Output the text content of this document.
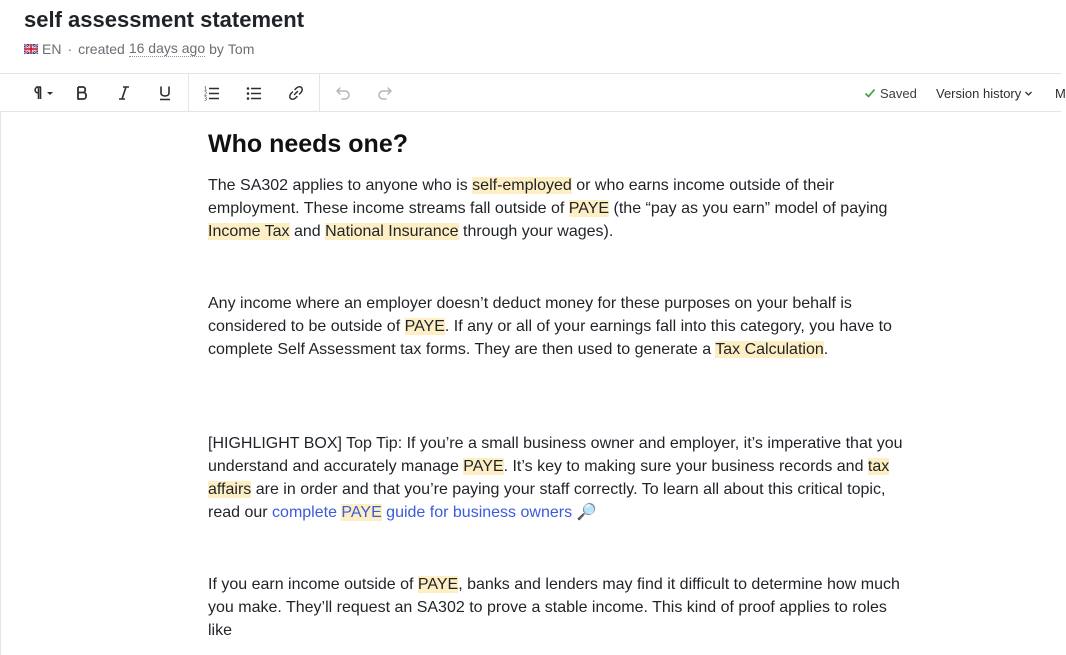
self assessment statement
EN · created 16 days ago by Tom
1
2
3	Saved Version history	M
Who needs one?

The SA302 applies to anyone who is self-employed or who earns income outside of their employment. These income streams fall outside of PAYE (the “pay as you earn” model of paying Income Tax and National Insurance through your wages).

Any income where an employer doesn’t deduct money for these purposes on your behalf is considered to be outside of PAYE. If any or all of your earnings fall into this category, you have to complete Self Assessment tax forms. They are then used to generate a Tax Calculation.

[HIGHLIGHT BOX] Top Tip: If you’re a small business owner and employer, it’s imperative that you understand and accurately manage PAYE. It’s key to making sure your business records and tax affairs are in order and that you’re paying your staff correctly. To learn all about this critical topic, read our complete PAYE guide for business owners 🔎

If you earn income outside of PAYE, banks and lenders may find it difficult to determine how much you make. They’ll request an SA302 to prove a stable income. This kind of proof applies to roles like
